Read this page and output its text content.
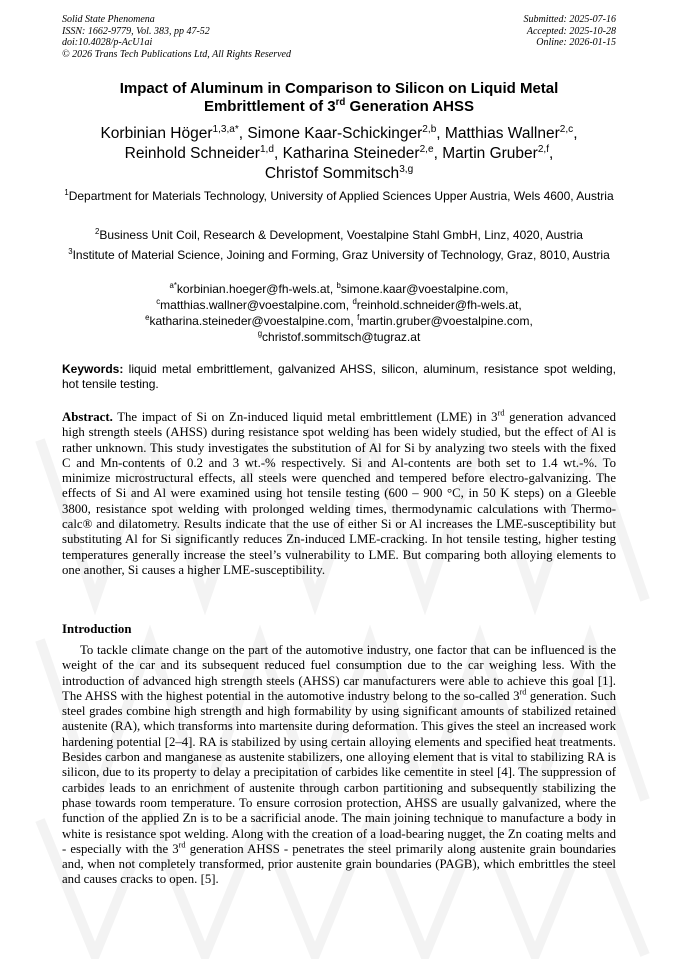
Solid State Phenomena
ISSN: 1662-9779, Vol. 383, pp 47-52
doi:10.4028/p-AcU1ai
© 2026 Trans Tech Publications Ltd, All Rights Reserved
Submitted: 2025-07-16
Accepted: 2025-10-28
Online: 2026-01-15
Impact of Aluminum in Comparison to Silicon on Liquid Metal
Embrittlement of 3rd Generation AHSS
Korbinian Höger$^{1,3,a*}$, Simone Kaar-Schickinger$^{2,b}$, Matthias Wallner$^{2,c}$,
Reinhold Schneider$^{1,d}$, Katharina Steineder$^{2,e}$, Martin Gruber$^{2,f}$,
Christof Sommitsch$^{3,g}$
$^1$Department for Materials Technology, University of Applied Sciences Upper Austria, Wels 4600, Austria
$^2$Business Unit Coil, Research & Development, Voestalpine Stahl GmbH, Linz, 4020, Austria
$^3$Institute of Material Science, Joining and Forming, Graz University of Technology, Graz, 8010, Austria
$^{a*}$korbinian.hoeger@fh-wels.at, $^b$simone.kaar@voestalpine.com,
$^c$matthias.wallner@voestalpine.com, $^d$reinhold.schneider@fh-wels.at,
$^e$katharina.steineder@voestalpine.com, $^f$martin.gruber@voestalpine.com,
$^g$christof.sommitsch@tugraz.at
Keywords: liquid metal embrittlement, galvanized AHSS, silicon, aluminum, resistance spot welding, hot tensile testing.
Abstract. The impact of Si on Zn-induced liquid metal embrittlement (LME) in 3rd generation advanced high strength steels (AHSS) during resistance spot welding has been widely studied, but the effect of Al is rather unknown. This study investigates the substitution of Al for Si by analyzing two steels with the fixed C and Mn-contents of 0.2 and 3 wt.-% respectively. Si and Al-contents are both set to 1.4 wt.-%. To minimize microstructural effects, all steels were quenched and tempered before electro-galvanizing. The effects of Si and Al were examined using hot tensile testing (600 – 900 °C, in 50 K steps) on a Gleeble 3800, resistance spot welding with prolonged welding times, thermodynamic calculations with Thermo-calc® and dilatometry. Results indicate that the use of either Si or Al increases the LME-susceptibility but substituting Al for Si significantly reduces Zn-induced LME-cracking. In hot tensile testing, higher testing temperatures generally increase the steel’s vulnerability to LME. But comparing both alloying elements to one another, Si causes a higher LME-susceptibility.
Introduction
To tackle climate change on the part of the automotive industry, one factor that can be influenced is the weight of the car and its subsequent reduced fuel consumption due to the car weighing less. With the introduction of advanced high strength steels (AHSS) car manufacturers were able to achieve this goal [1]. The AHSS with the highest potential in the automotive industry belong to the so-called 3rd generation. Such steel grades combine high strength and high formability by using significant amounts of stabilized retained austenite (RA), which transforms into martensite during deformation. This gives the steel an increased work hardening potential [2–4]. RA is stabilized by using certain alloying elements and specified heat treatments. Besides carbon and manganese as austenite stabilizers, one alloying element that is vital to stabilizing RA is silicon, due to its property to delay a precipitation of carbides like cementite in steel [4]. The suppression of carbides leads to an enrichment of austenite through carbon partitioning and subsequently stabilizing the phase towards room temperature. To ensure corrosion protection, AHSS are usually galvanized, where the function of the applied Zn is to be a sacrificial anode. The main joining technique to manufacture a body in white is resistance spot welding. Along with the creation of a load-bearing nugget, the Zn coating melts and - especially with the 3rd generation AHSS - penetrates the steel primarily along austenite grain boundaries and, when not completely transformed, prior austenite grain boundaries (PAGB), which embrittles the steel and causes cracks to open. [5].
